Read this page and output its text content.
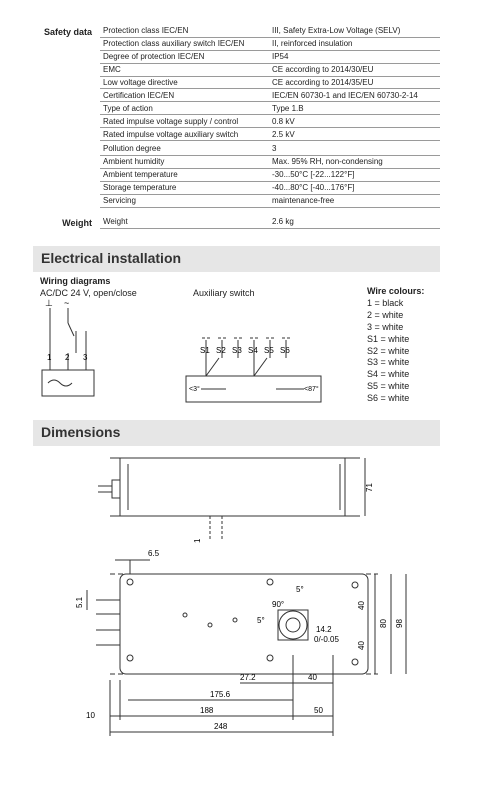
Safety data Protection class IEC/EN	III, Safety Extra-Low Voltage (SELV)
Protection class auxiliary switch IEC/EN	II, reinforced insulation
Degree of protection IEC/EN	IP54
EMC	CE according to 2014/30/EU
Low voltage directive	CE according to 2014/35/EU
Certification IEC/EN	IEC/EN 60730-1 and IEC/EN 60730-2-14
Type of action	Type 1.B
Rated impulse voltage supply / control	0.8 kV
Rated impulse voltage auxiliary switch	2.5 kV
Pollution degree	3
Ambient humidity	Max. 95% RH, non-condensing
Ambient temperature	-30...50°C [-22...122°F]
Storage temperature	-40...80°C [-40...176°F]
Servicing	maintenance-free
Weight Weight	2.6 kg
Electrical installation
Wiring diagrams
AC/DC 24 V, open/close	Auxiliary switch
⊥ ~
1 2 3
S1 S2 S3 S4 S5 S6
<3°	<87°
Wire colours:
1 = black
2 = white
3 = white
S1 = white
S2 = white
S3 = white
S4 = white
S5 = white
S6 = white
Dimensions
71
1
6.5
5.1
5°
90°
5°
40
40
80 98
14.2
0/-0.05
27.2	40
175.6
10
188	50
248
